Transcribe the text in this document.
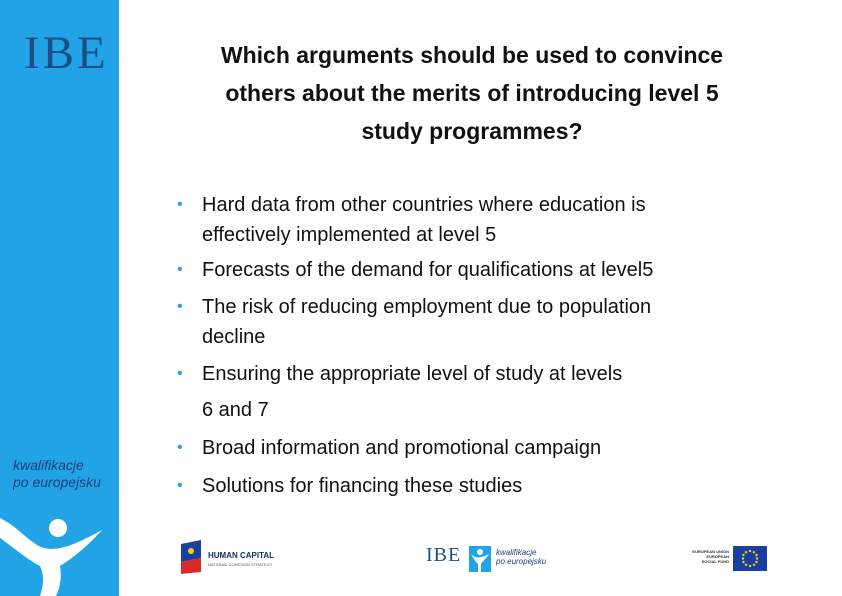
IBE
kwalifikacje
po europejsku
Which arguments should be used to convince
others about the merits of introducing level 5
study programmes?
• Hard data from other countries where education is
effectively implemented at level 5
• Forecasts of the demand for qualifications at level5
• The risk of reducing employment due to population
decline
• Ensuring the appropriate level of study at levels
6 and 7
• Broad information and promotional campaign
• Solutions for financing these studies
HUMAN CAPITAL
NATIONAL COHESION STRATEGY	IBE	kwalifikacje
po europejsku
EUROPEAN UNION
EUROPEAN
SOCIAL FUND
